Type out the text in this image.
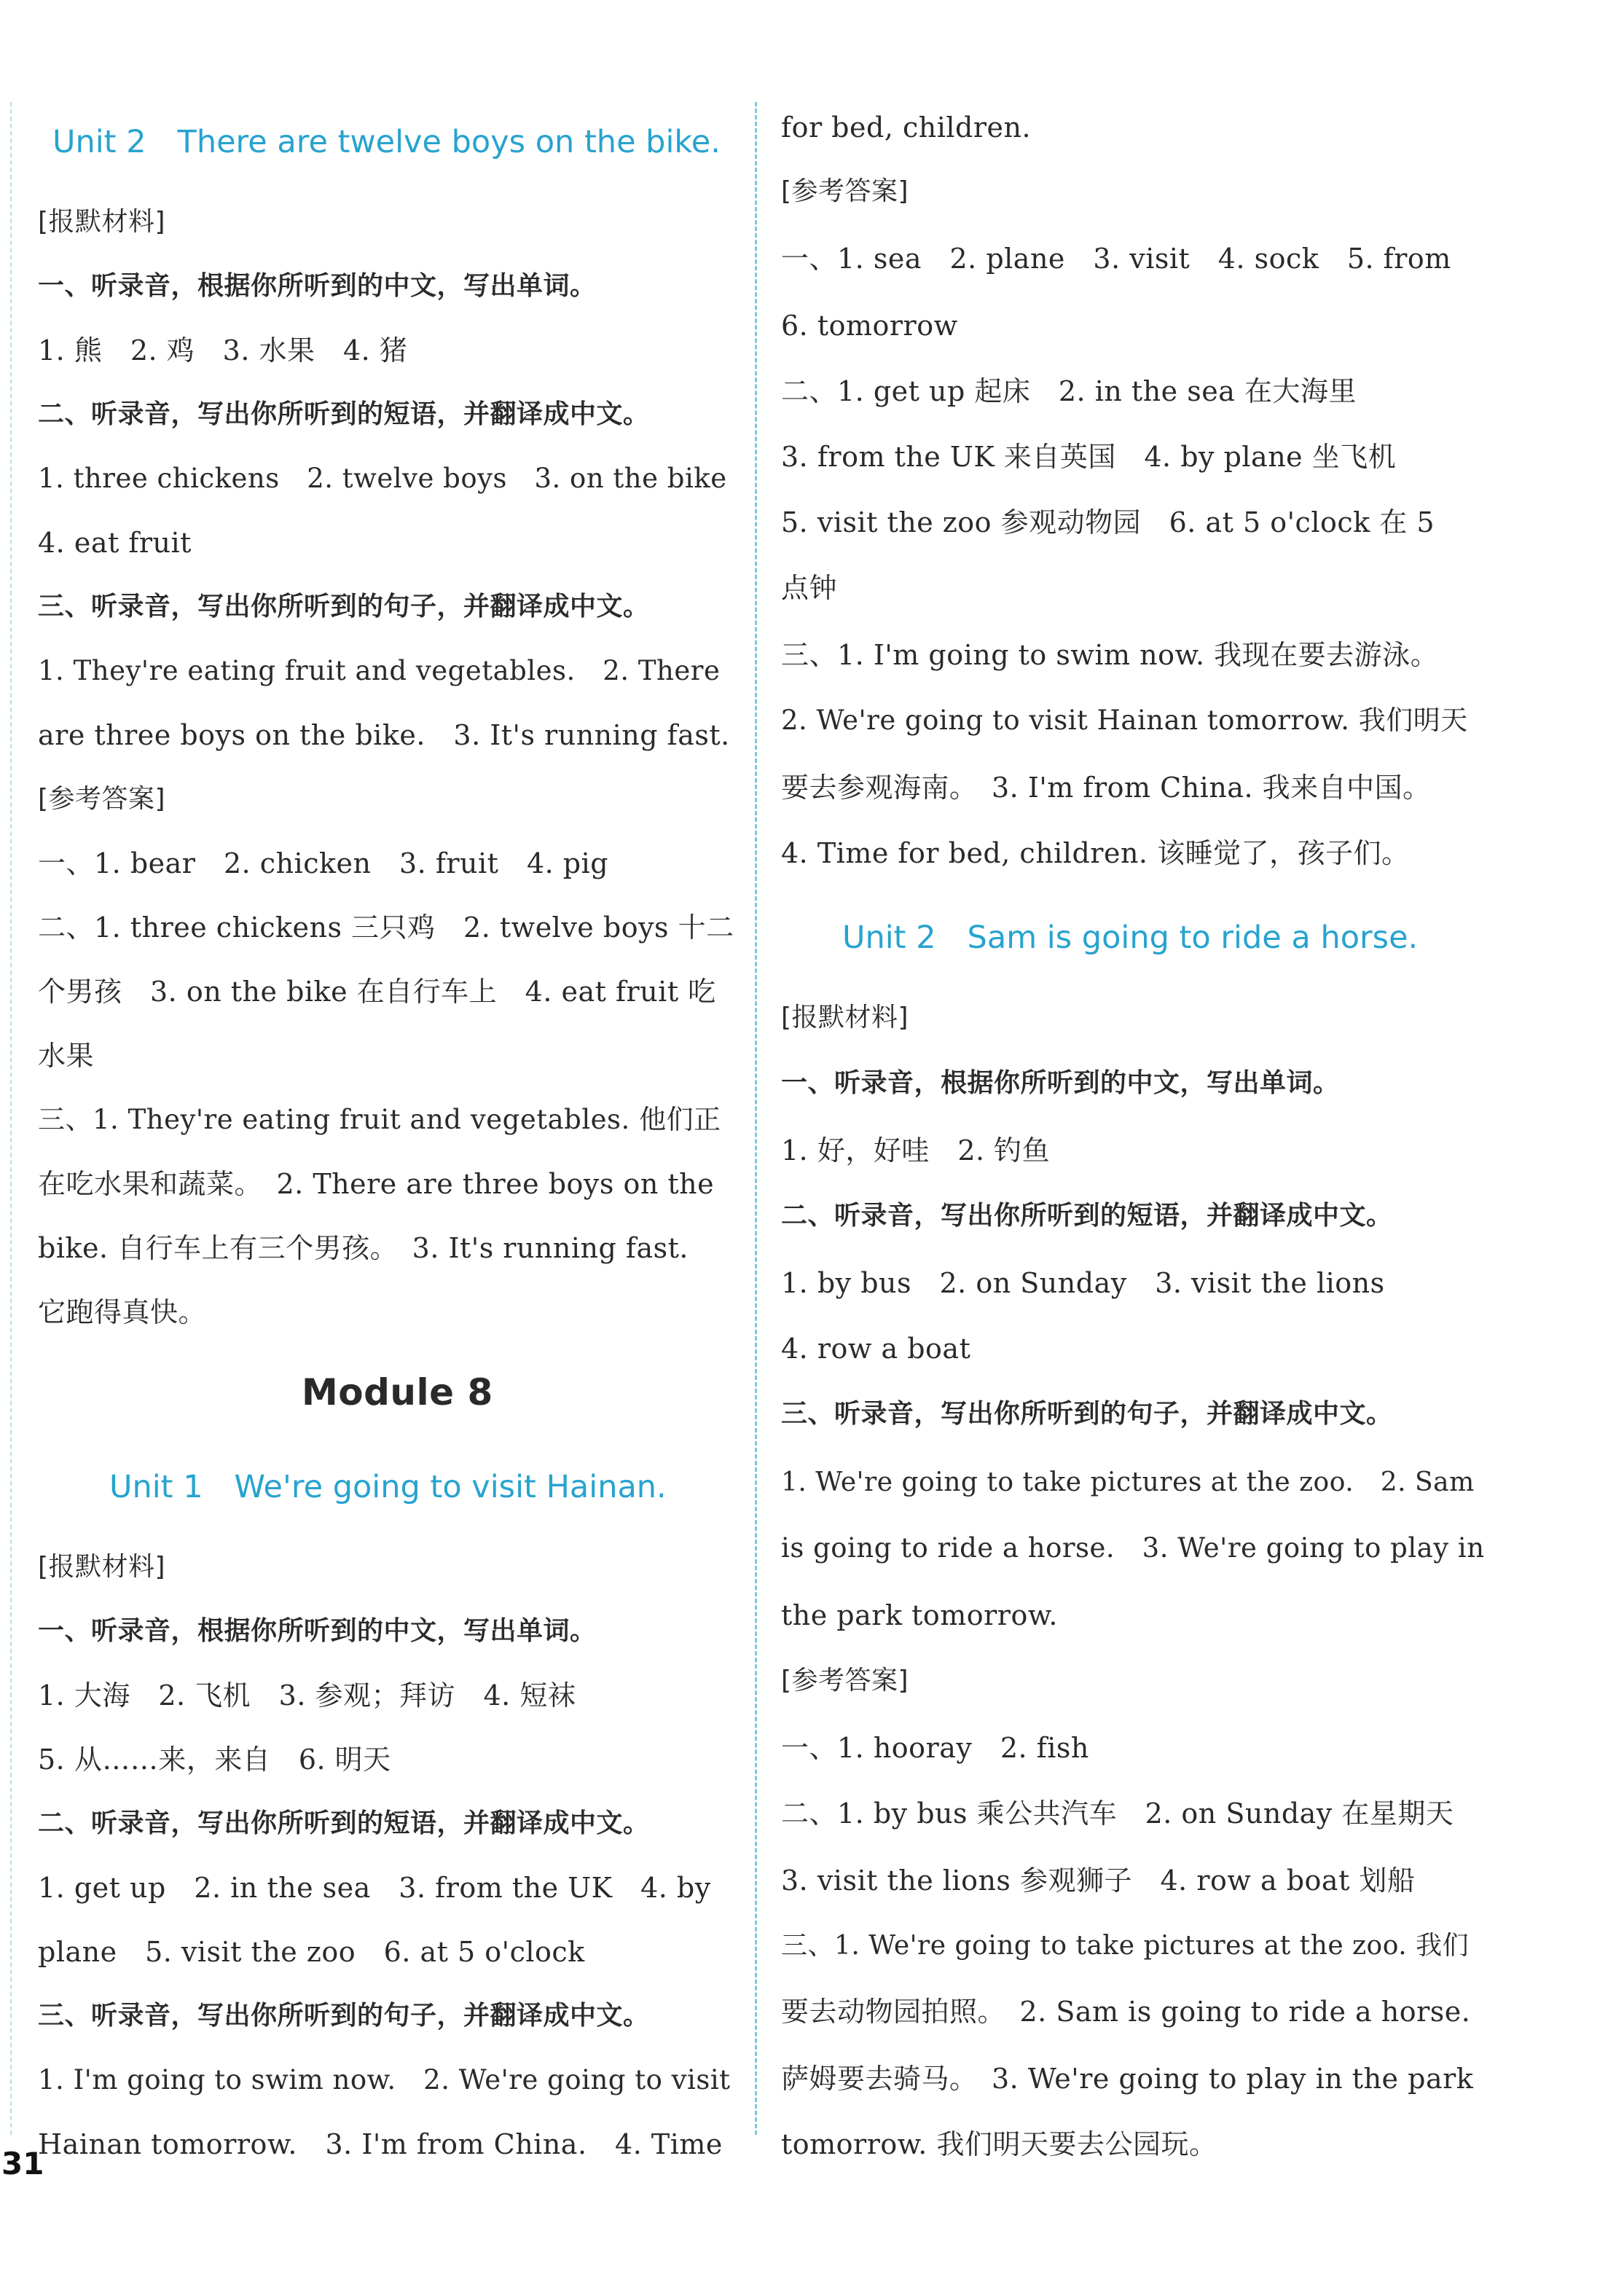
Unit 2　There are twelve boys on the bike.
[报默材料]
一、听录音，根据你所听到的中文，写出单词。
1. 熊　2. 鸡　3. 水果　4. 猪
二、听录音，写出你所听到的短语，并翻译成中文。
1. three chickens　2. twelve boys　3. on the bike
4. eat fruit
三、听录音，写出你所听到的句子，并翻译成中文。
1. They're eating fruit and vegetables.　2. There
are three boys on the bike.　3. It's running fast.
[参考答案]
一、1. bear　2. chicken　3. fruit　4. pig
二、1. three chickens 三只鸡　2. twelve boys 十二
个男孩　3. on the bike 在自行车上　4. eat fruit 吃
水果
三、1. They're eating fruit and vegetables. 他们正
在吃水果和蔬菜。　2. There are three boys on the
bike. 自行车上有三个男孩。　3. It's running fast.
它跑得真快。
Module 8
Unit 1　We're going to visit Hainan.
[报默材料]
一、听录音，根据你所听到的中文，写出单词。
1. 大海　2. 飞机　3. 参观；拜访　4. 短袜
5. 从……来，来自　6. 明天
二、听录音，写出你所听到的短语，并翻译成中文。
1. get up　2. in the sea　3. from the UK　4. by
plane　5. visit the zoo　6. at 5 o'clock
三、听录音，写出你所听到的句子，并翻译成中文。
1. I'm going to swim now.　2. We're going to visit
Hainan tomorrow.　3. I'm from China.　4. Time
for bed, children.
[参考答案]
一、1. sea　2. plane　3. visit　4. sock　5. from
6. tomorrow
二、1. get up 起床　2. in the sea 在大海里
3. from the UK 来自英国　4. by plane 坐飞机
5. visit the zoo 参观动物园　6. at 5 o'clock 在 5
点钟
三、1. I'm going to swim now. 我现在要去游泳。
2. We're going to visit Hainan tomorrow. 我们明天
要去参观海南。　3. I'm from China. 我来自中国。
4. Time for bed, children. 该睡觉了，孩子们。
Unit 2　Sam is going to ride a horse.
[报默材料]
一、听录音，根据你所听到的中文，写出单词。
1. 好，好哇　2. 钓鱼
二、听录音，写出你所听到的短语，并翻译成中文。
1. by bus　2. on Sunday　3. visit the lions
4. row a boat
三、听录音，写出你所听到的句子，并翻译成中文。
1. We're going to take pictures at the zoo.　2. Sam
is going to ride a horse.　3. We're going to play in
the park tomorrow.
[参考答案]
一、1. hooray　2. fish
二、1. by bus 乘公共汽车　2. on Sunday 在星期天
3. visit the lions 参观狮子　4. row a boat 划船
三、1. We're going to take pictures at the zoo. 我们
要去动物园拍照。　2. Sam is going to ride a horse.
萨姆要去骑马。　3. We're going to play in the park
tomorrow. 我们明天要去公园玩。
31
